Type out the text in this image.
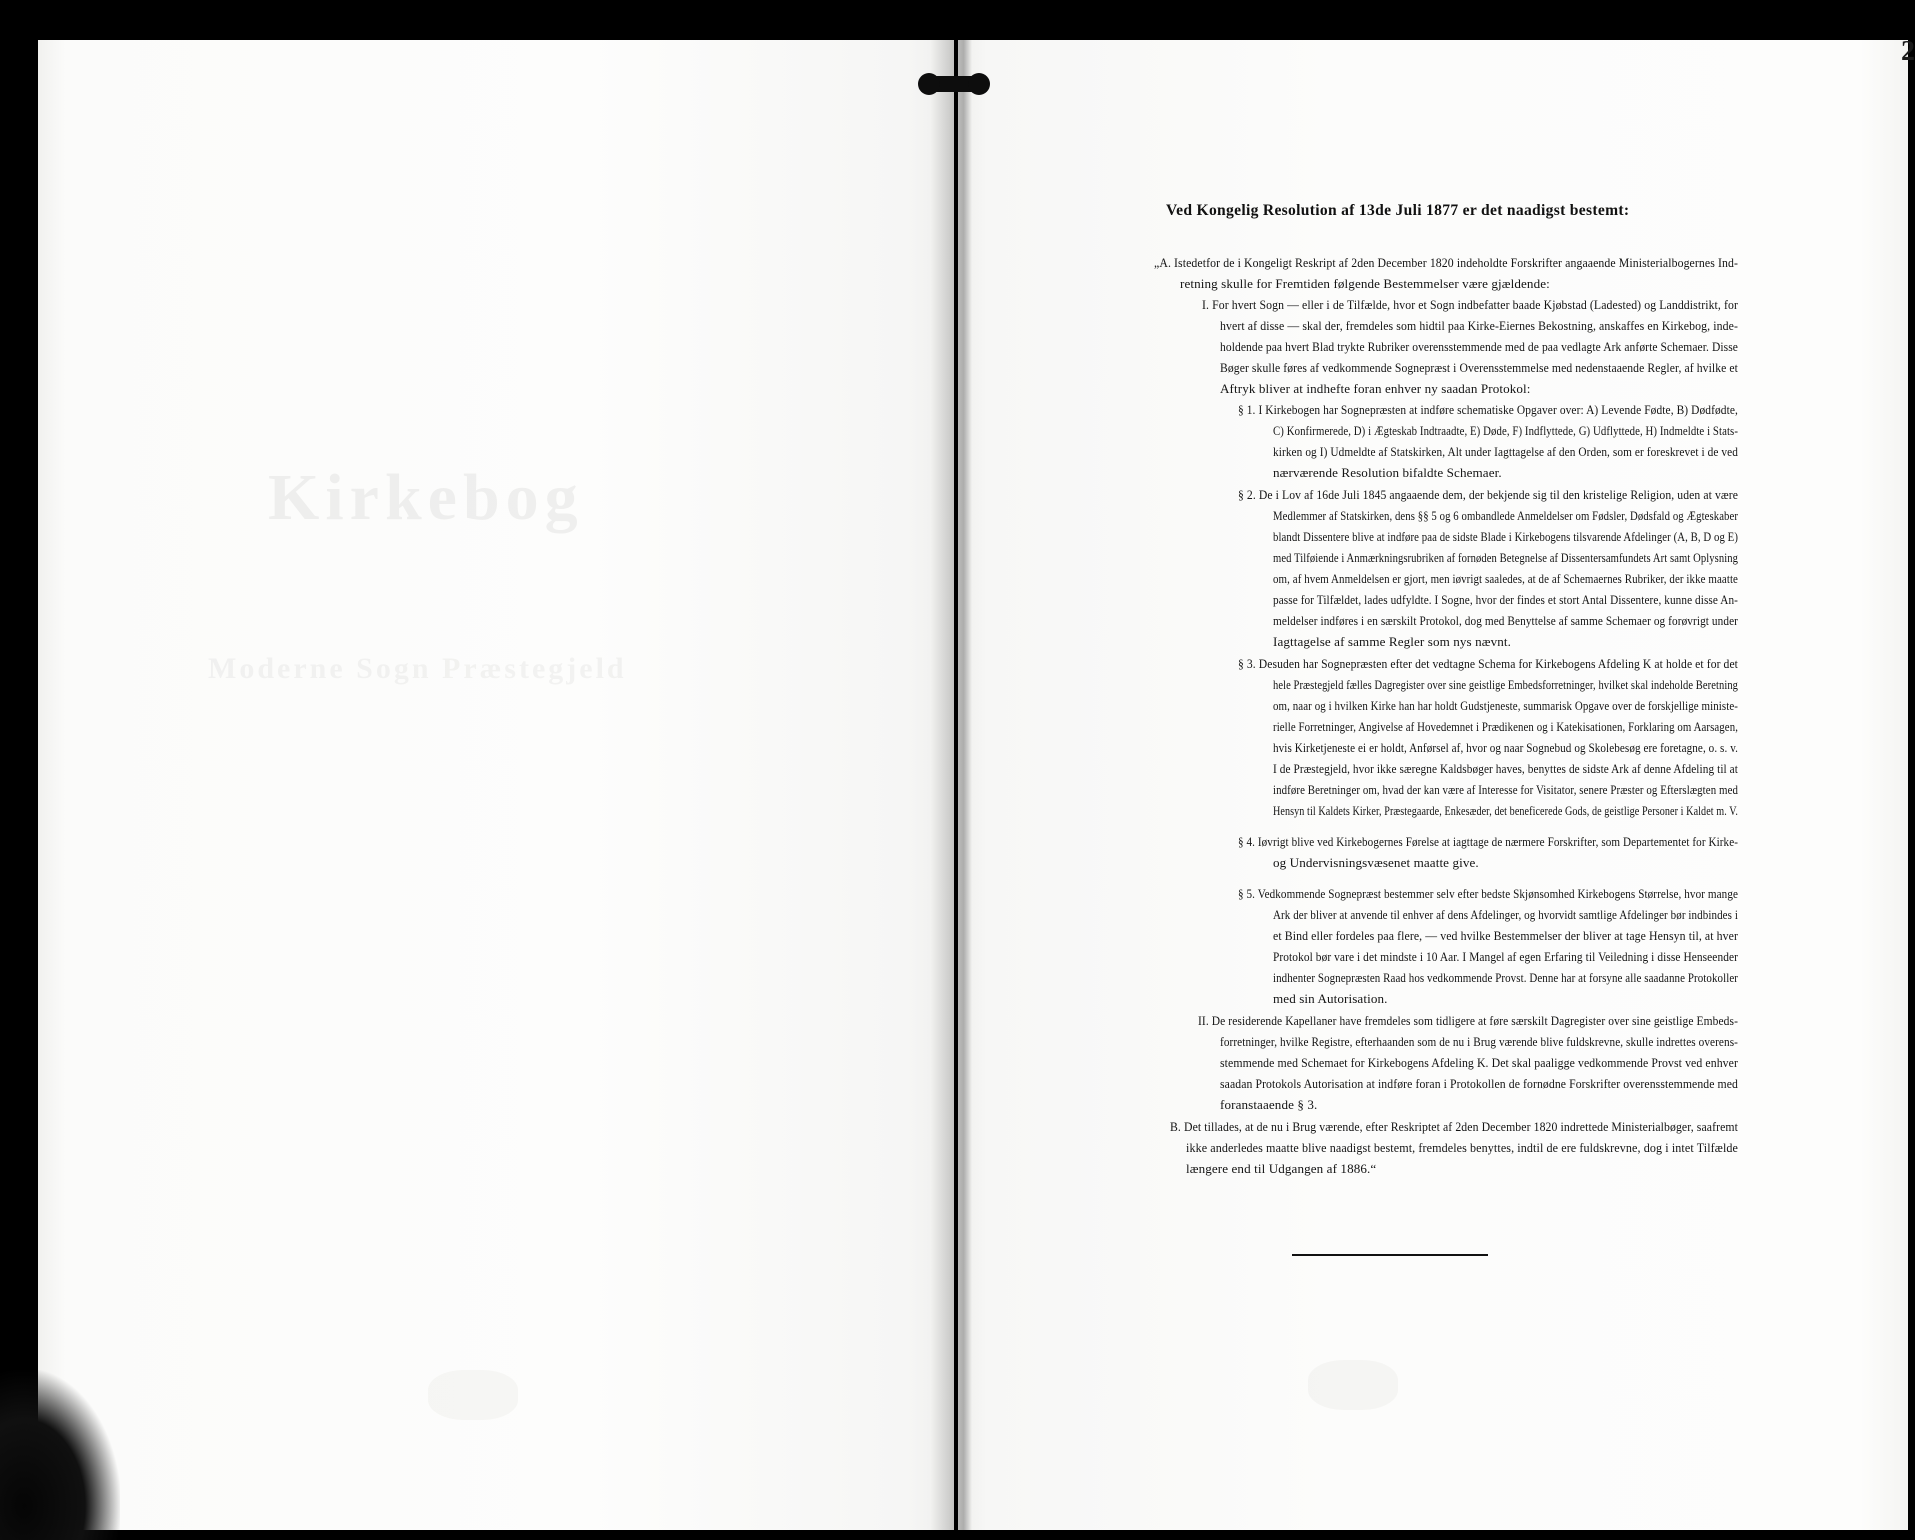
Kirkebog
Moderne Sogn Præstegjeld
2
Ved Kongelig Resolution af 13de Juli 1877 er det naadigst bestemt:
„A. Istedetfor de i Kongeligt Reskript af 2den December 1820 indeholdte Forskrifter angaaende Ministerialbogernes Ind-
retning skulle for Fremtiden følgende Bestemmelser være gjældende:
I. For hvert Sogn — eller i de Tilfælde, hvor et Sogn indbefatter baade Kjøbstad (Ladested) og Landdistrikt, for
hvert af disse — skal der, fremdeles som hidtil paa Kirke-Eiernes Bekostning, anskaffes en Kirkebog, inde-
holdende paa hvert Blad trykte Rubriker overensstemmende med de paa vedlagte Ark anførte Schemaer. Disse
Bøger skulle føres af vedkommende Sognepræst i Overensstemmelse med nedenstaaende Regler, af hvilke et
Aftryk bliver at indhefte foran enhver ny saadan Protokol:
§ 1. I Kirkebogen har Sognepræsten at indføre schematiske Opgaver over: A) Levende Fødte, B) Dødfødte,
C) Konfirmerede, D) i Ægteskab Indtraadte, E) Døde, F) Indflyttede, G) Udflyttede, H) Indmeldte i Stats-
kirken og I) Udmeldte af Statskirken, Alt under Iagttagelse af den Orden, som er foreskrevet i de ved
nærværende Resolution bifaldte Schemaer.
§ 2. De i Lov af 16de Juli 1845 angaaende dem, der bekjende sig til den kristelige Religion, uden at være
Medlemmer af Statskirken, dens §§ 5 og 6 ombandlede Anmeldelser om Fødsler, Dødsfald og Ægteskaber
blandt Dissentere blive at indføre paa de sidste Blade i Kirkebogens tilsvarende Afdelinger (A, B, D og E)
med Tilføiende i Anmærkningsrubriken af fornøden Betegnelse af Dissentersamfundets Art samt Oplysning
om, af hvem Anmeldelsen er gjort, men iøvrigt saaledes, at de af Schemaernes Rubriker, der ikke maatte
passe for Tilfældet, lades udfyldte. I Sogne, hvor der findes et stort Antal Dissentere, kunne disse An-
meldelser indføres i en særskilt Protokol, dog med Benyttelse af samme Schemaer og forøvrigt under
Iagttagelse af samme Regler som nys nævnt.
§ 3. Desuden har Sognepræsten efter det vedtagne Schema for Kirkebogens Afdeling K at holde et for det
hele Præstegjeld fælles Dagregister over sine geistlige Embedsforretninger, hvilket skal indeholde Beretning
om, naar og i hvilken Kirke han har holdt Gudstjeneste, summarisk Opgave over de forskjellige ministe-
rielle Forretninger, Angivelse af Hovedemnet i Prædikenen og i Katekisationen, Forklaring om Aarsagen,
hvis Kirketjeneste ei er holdt, Anførsel af, hvor og naar Sognebud og Skolebesøg ere foretagne, o. s. v.
I de Præstegjeld, hvor ikke særegne Kaldsbøger haves, benyttes de sidste Ark af denne Afdeling til at
indføre Beretninger om, hvad der kan være af Interesse for Visitator, senere Præster og Efterslægten med
Hensyn til Kaldets Kirker, Præstegaarde, Enkesæder, det beneficerede Gods, de geistlige Personer i Kaldet m. V.
§ 4. Iøvrigt blive ved Kirkebogernes Førelse at iagttage de nærmere Forskrifter, som Departementet for Kirke-
og Undervisningsvæsenet maatte give.
§ 5. Vedkommende Sognepræst bestemmer selv efter bedste Skjønsomhed Kirkebogens Størrelse, hvor mange
Ark der bliver at anvende til enhver af dens Afdelinger, og hvorvidt samtlige Afdelinger bør indbindes i
et Bind eller fordeles paa flere, — ved hvilke Bestemmelser der bliver at tage Hensyn til, at hver
Protokol bør vare i det mindste i 10 Aar. I Mangel af egen Erfaring til Veiledning i disse Henseender
indhenter Sognepræsten Raad hos vedkommende Provst. Denne har at forsyne alle saadanne Protokoller
med sin Autorisation.
II. De residerende Kapellaner have fremdeles som tidligere at føre særskilt Dagregister over sine geistlige Embeds-
forretninger, hvilke Registre, efterhaanden som de nu i Brug værende blive fuldskrevne, skulle indrettes overens-
stemmende med Schemaet for Kirkebogens Afdeling K. Det skal paaligge vedkommende Provst ved enhver
saadan Protokols Autorisation at indføre foran i Protokollen de fornødne Forskrifter overensstemmende med
foranstaaende § 3.
B. Det tillades, at de nu i Brug værende, efter Reskriptet af 2den December 1820 indrettede Ministerialbøger, saafremt
ikke anderledes maatte blive naadigst bestemt, fremdeles benyttes, indtil de ere fuldskrevne, dog i intet Tilfælde
længere end til Udgangen af 1886.“
